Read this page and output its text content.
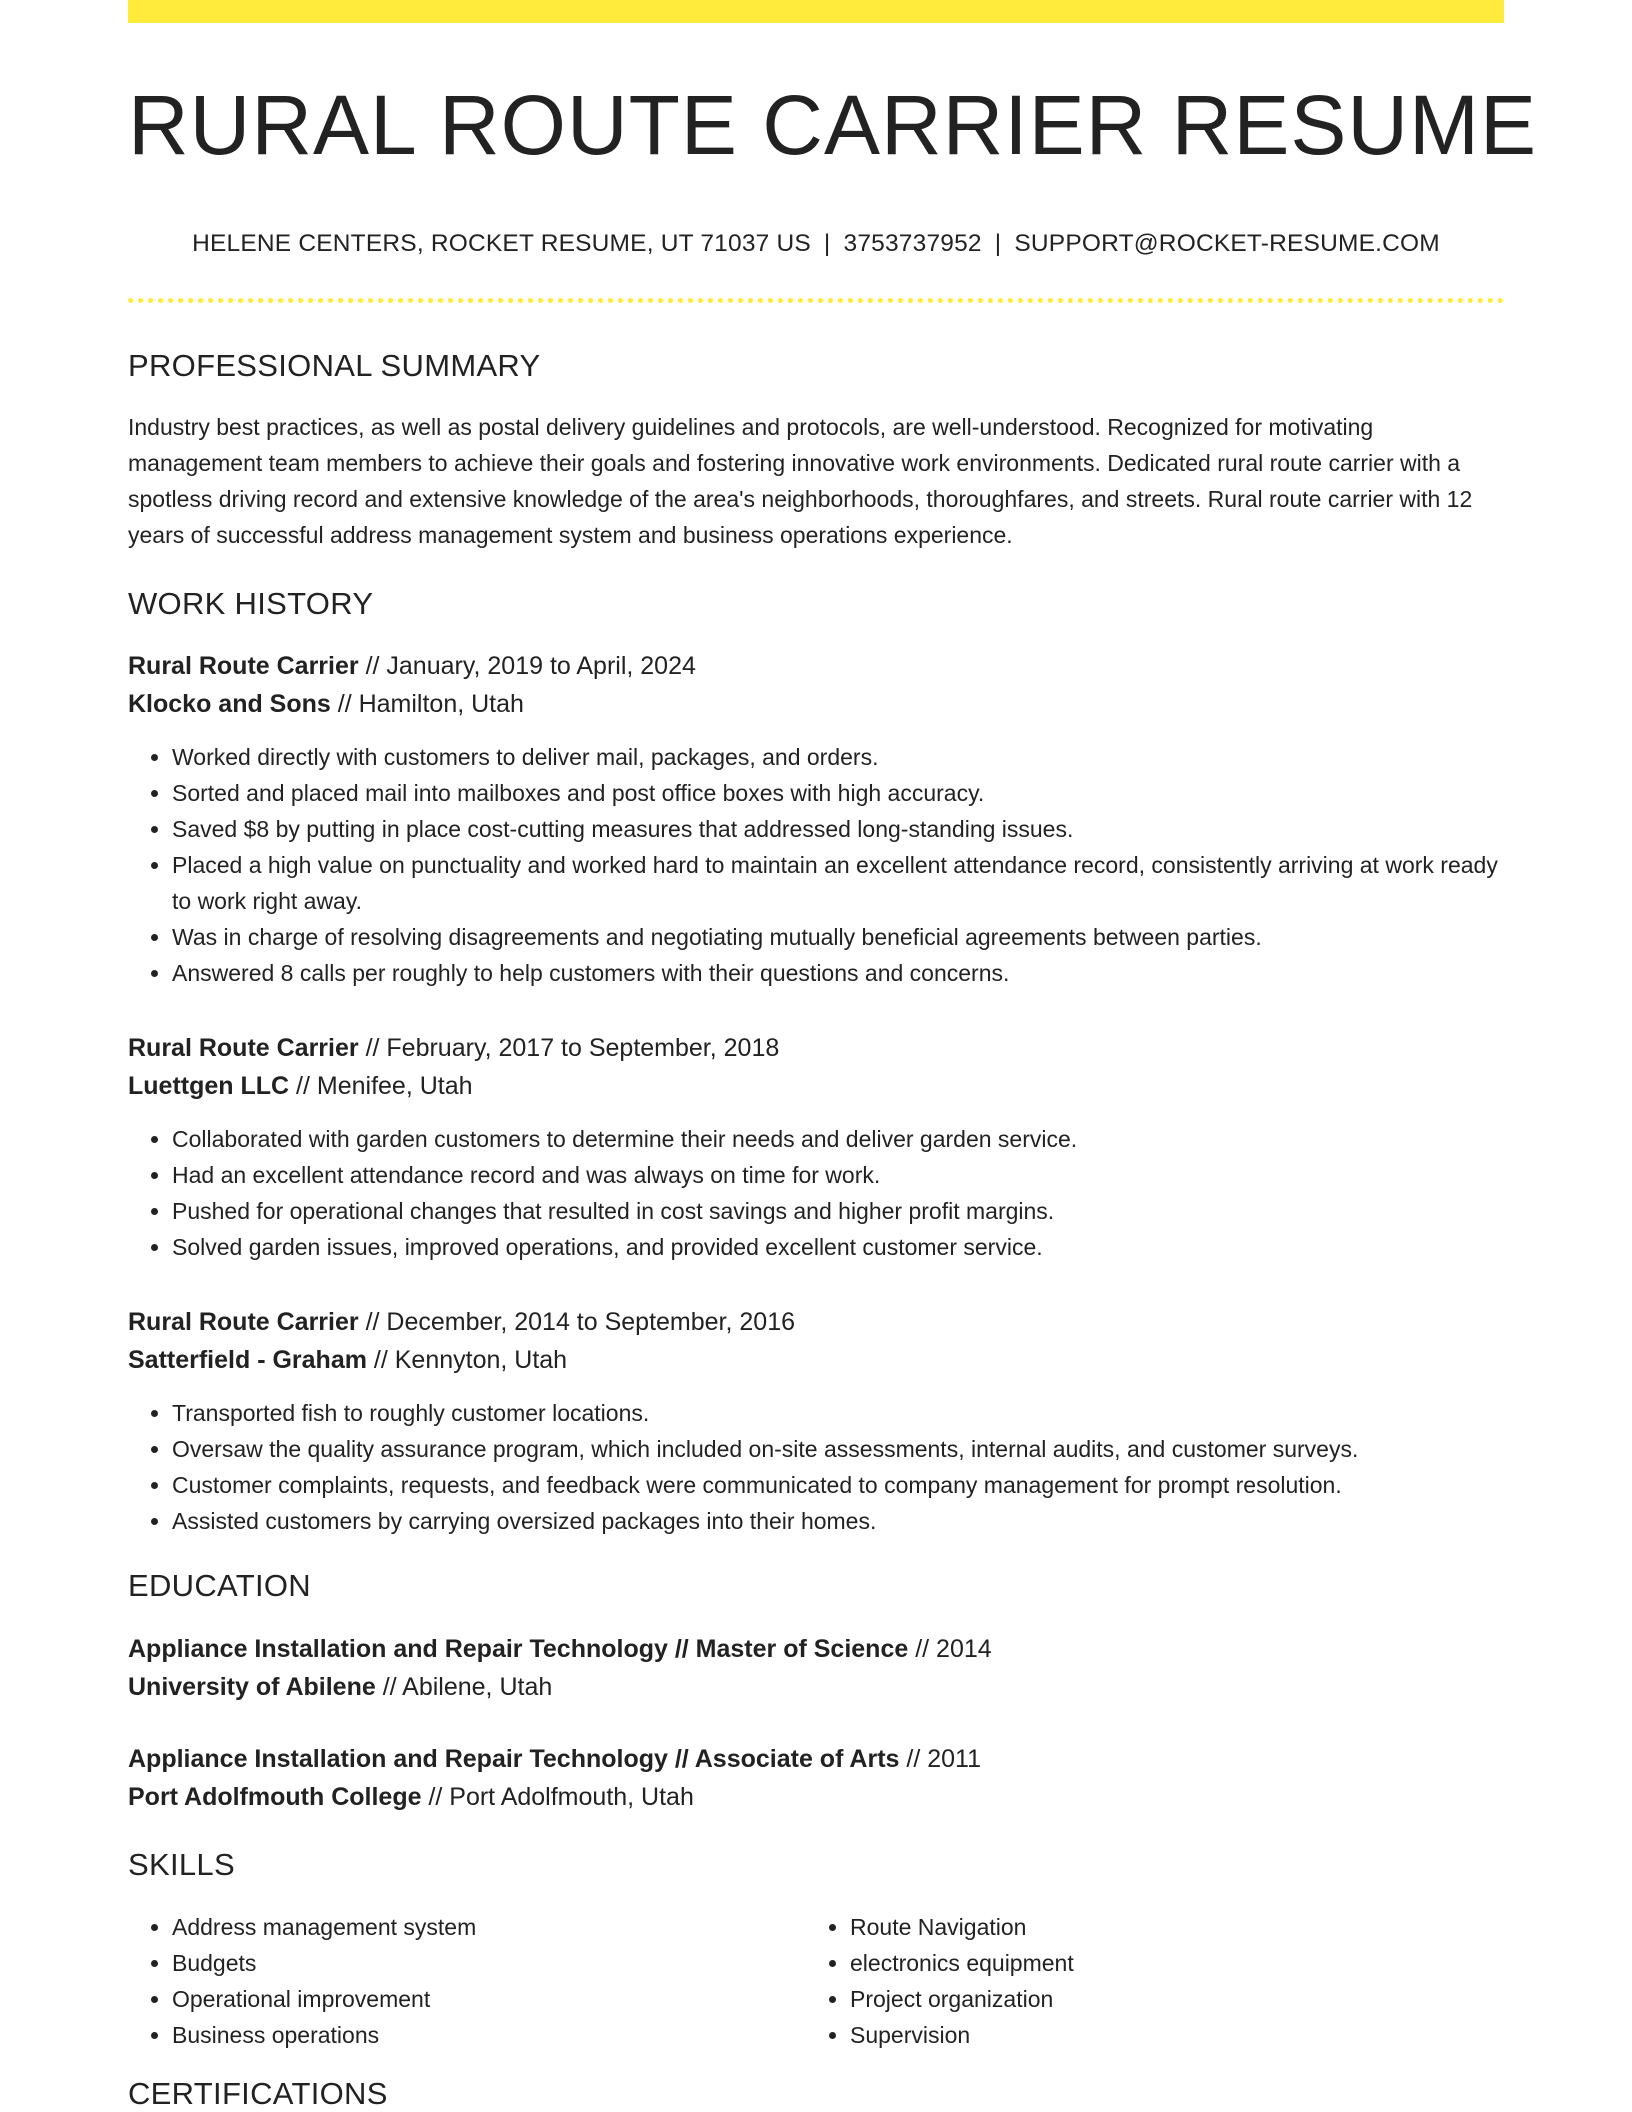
RURAL ROUTE CARRIER RESUME
HELENE CENTERS, ROCKET RESUME, UT 71037 US | 3753737952 | SUPPORT@ROCKET-RESUME.COM
PROFESSIONAL SUMMARY

Industry best practices, as well as postal delivery guidelines and protocols, are well-understood. Recognized for motivating management team members to achieve their goals and fostering innovative work environments. Dedicated rural route carrier with a spotless driving record and extensive knowledge of the area's neighborhoods, thoroughfares, and streets. Rural route carrier with 12 years of successful address management system and business operations experience.

WORK HISTORY
Rural Route Carrier // January, 2019 to April, 2024
Klocko and Sons // Hamilton, Utah
• Worked directly with customers to deliver mail, packages, and orders.
• Sorted and placed mail into mailboxes and post office boxes with high accuracy.
• Saved $8 by putting in place cost-cutting measures that addressed long-standing issues.
• Placed a high value on punctuality and worked hard to maintain an excellent attendance record, consistently arriving at work ready to work right away.
• Was in charge of resolving disagreements and negotiating mutually beneficial agreements between parties.
• Answered 8 calls per roughly to help customers with their questions and concerns.
Rural Route Carrier // February, 2017 to September, 2018
Luettgen LLC // Menifee, Utah
• Collaborated with garden customers to determine their needs and deliver garden service.
• Had an excellent attendance record and was always on time for work.
• Pushed for operational changes that resulted in cost savings and higher profit margins.
• Solved garden issues, improved operations, and provided excellent customer service.
Rural Route Carrier // December, 2014 to September, 2016
Satterfield - Graham // Kennyton, Utah
• Transported fish to roughly customer locations.
• Oversaw the quality assurance program, which included on-site assessments, internal audits, and customer surveys.
• Customer complaints, requests, and feedback were communicated to company management for prompt resolution.
• Assisted customers by carrying oversized packages into their homes.
EDUCATION
Appliance Installation and Repair Technology // Master of Science // 2014
University of Abilene // Abilene, Utah
Appliance Installation and Repair Technology // Associate of Arts // 2011
Port Adolfmouth College // Port Adolfmouth, Utah
SKILLS
• Address management system
• Budgets
• Operational improvement
• Business operations
• Route Navigation
• electronics equipment
• Project organization
• Supervision
CERTIFICATIONS
